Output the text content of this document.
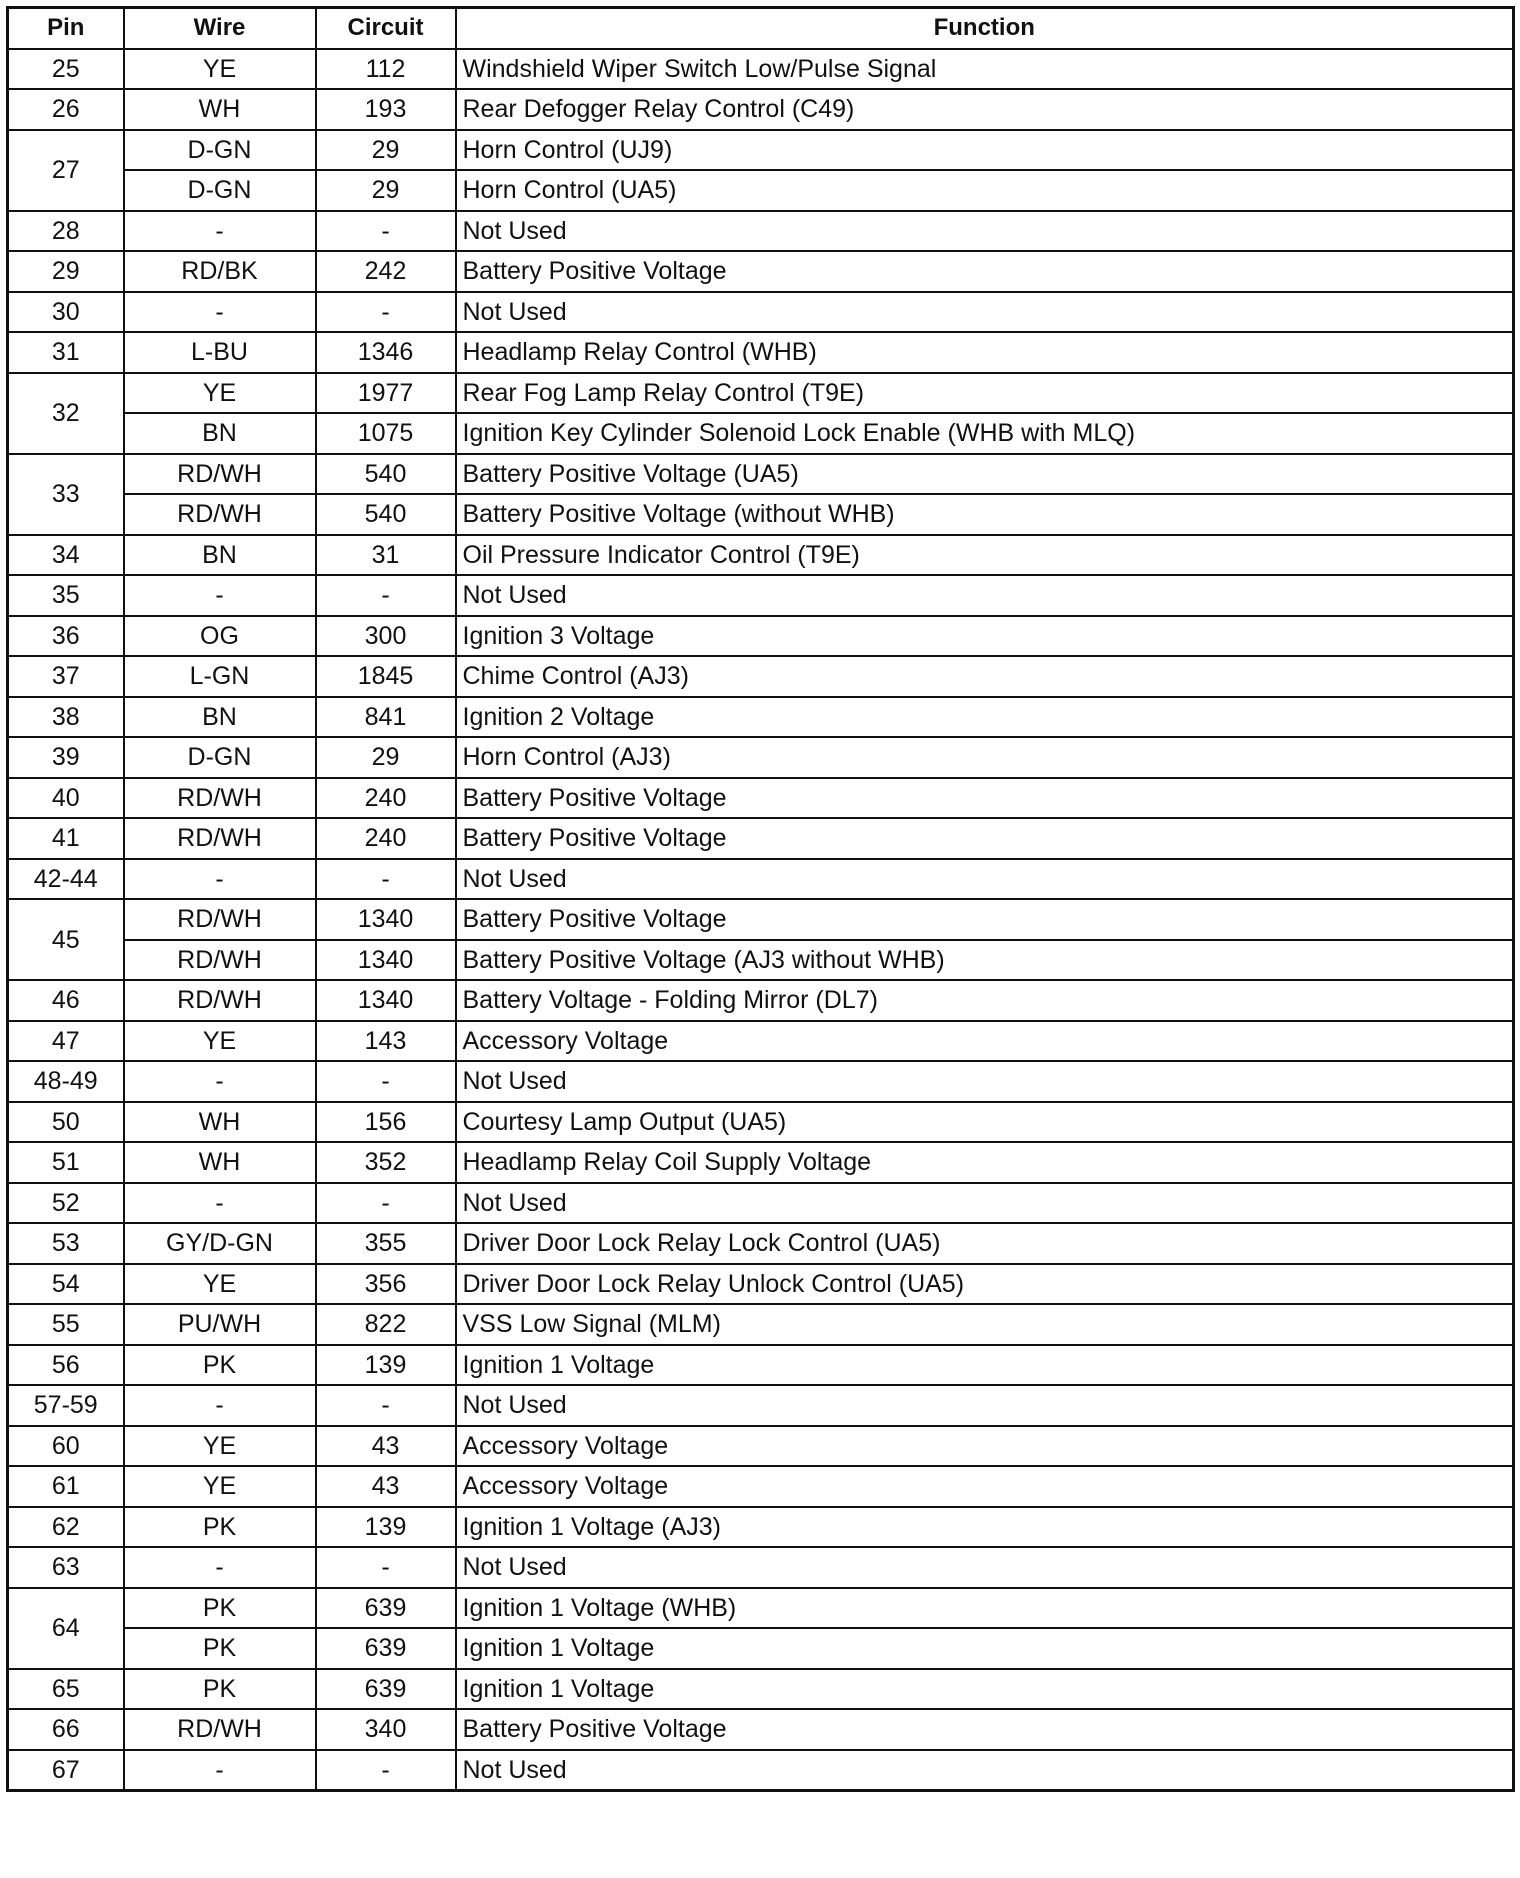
Pin	Wire	Circuit	Function
25	YE	112	Windshield Wiper Switch Low/Pulse Signal
26	WH	193	Rear Defogger Relay Control (C49)
27	D-GN	29	Horn Control (UJ9)
	D-GN	29	Horn Control (UA5)
28	-	-	Not Used
29	RD/BK	242	Battery Positive Voltage
30	-	-	Not Used
31	L-BU	1346	Headlamp Relay Control (WHB)
32	YE	1977	Rear Fog Lamp Relay Control (T9E)
	BN	1075	Ignition Key Cylinder Solenoid Lock Enable (WHB with MLQ)
33	RD/WH	540	Battery Positive Voltage (UA5)
	RD/WH	540	Battery Positive Voltage (without WHB)
34	BN	31	Oil Pressure Indicator Control (T9E)
35	-	-	Not Used
36	OG	300	Ignition 3 Voltage
37	L-GN	1845	Chime Control (AJ3)
38	BN	841	Ignition 2 Voltage
39	D-GN	29	Horn Control (AJ3)
40	RD/WH	240	Battery Positive Voltage
41	RD/WH	240	Battery Positive Voltage
42-44	-	-	Not Used
45	RD/WH	1340	Battery Positive Voltage
	RD/WH	1340	Battery Positive Voltage (AJ3 without WHB)
46	RD/WH	1340	Battery Voltage - Folding Mirror (DL7)
47	YE	143	Accessory Voltage
48-49	-	-	Not Used
50	WH	156	Courtesy Lamp Output (UA5)
51	WH	352	Headlamp Relay Coil Supply Voltage
52	-	-	Not Used
53	GY/D-GN	355	Driver Door Lock Relay Lock Control (UA5)
54	YE	356	Driver Door Lock Relay Unlock Control (UA5)
55	PU/WH	822	VSS Low Signal (MLM)
56	PK	139	Ignition 1 Voltage
57-59	-	-	Not Used
60	YE	43	Accessory Voltage
61	YE	43	Accessory Voltage
62	PK	139	Ignition 1 Voltage (AJ3)
63	-	-	Not Used
64	PK	639	Ignition 1 Voltage (WHB)
	PK	639	Ignition 1 Voltage
65	PK	639	Ignition 1 Voltage
66	RD/WH	340	Battery Positive Voltage
67	-	-	Not Used
